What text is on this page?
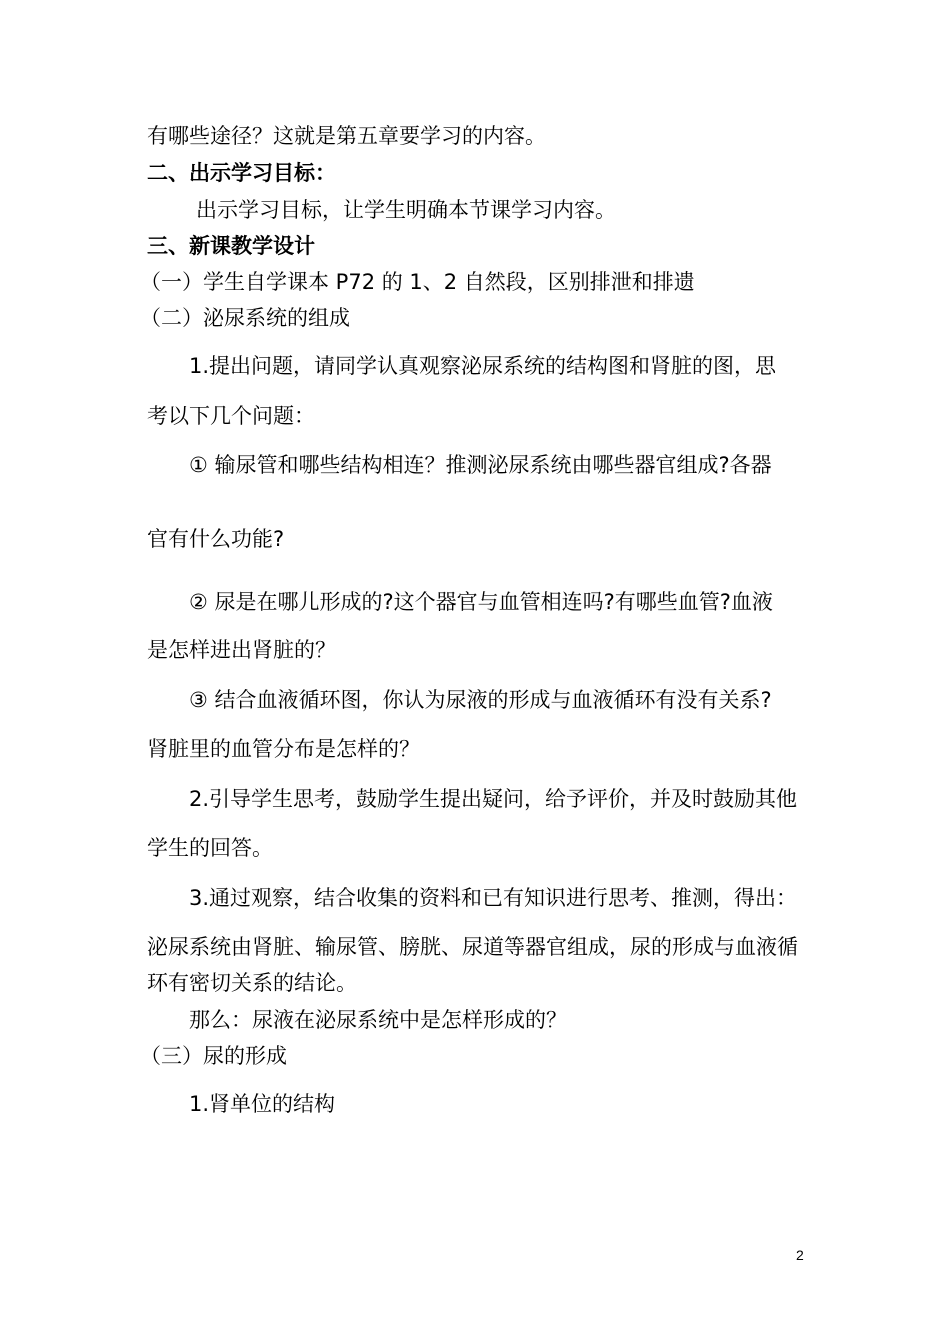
有哪些途径？这就是第五章要学习的内容。
二、出示学习目标：
出示学习目标，让学生明确本节课学习内容。
三、新课教学设计
（一）学生自学课本 P72 的 1、2 自然段，区别排泄和排遗
（二）泌尿系统的组成
1.提出问题，请同学认真观察泌尿系统的结构图和肾脏的图，思
考以下几个问题：
① 输尿管和哪些结构相连？推测泌尿系统由哪些器官组成?各器
官有什么功能?
② 尿是在哪儿形成的?这个器官与血管相连吗?有哪些血管?血液
是怎样进出肾脏的？
③ 结合血液循环图，你认为尿液的形成与血液循环有没有关系?
肾脏里的血管分布是怎样的？
2.引导学生思考，鼓励学生提出疑问，给予评价，并及时鼓励其他
学生的回答。
3.通过观察，结合收集的资料和已有知识进行思考、推测，得出：
泌尿系统由肾脏、输尿管、膀胱、尿道等器官组成，尿的形成与血液循
环有密切关系的结论。
那么：尿液在泌尿系统中是怎样形成的？
（三）尿的形成
1.肾单位的结构
2
